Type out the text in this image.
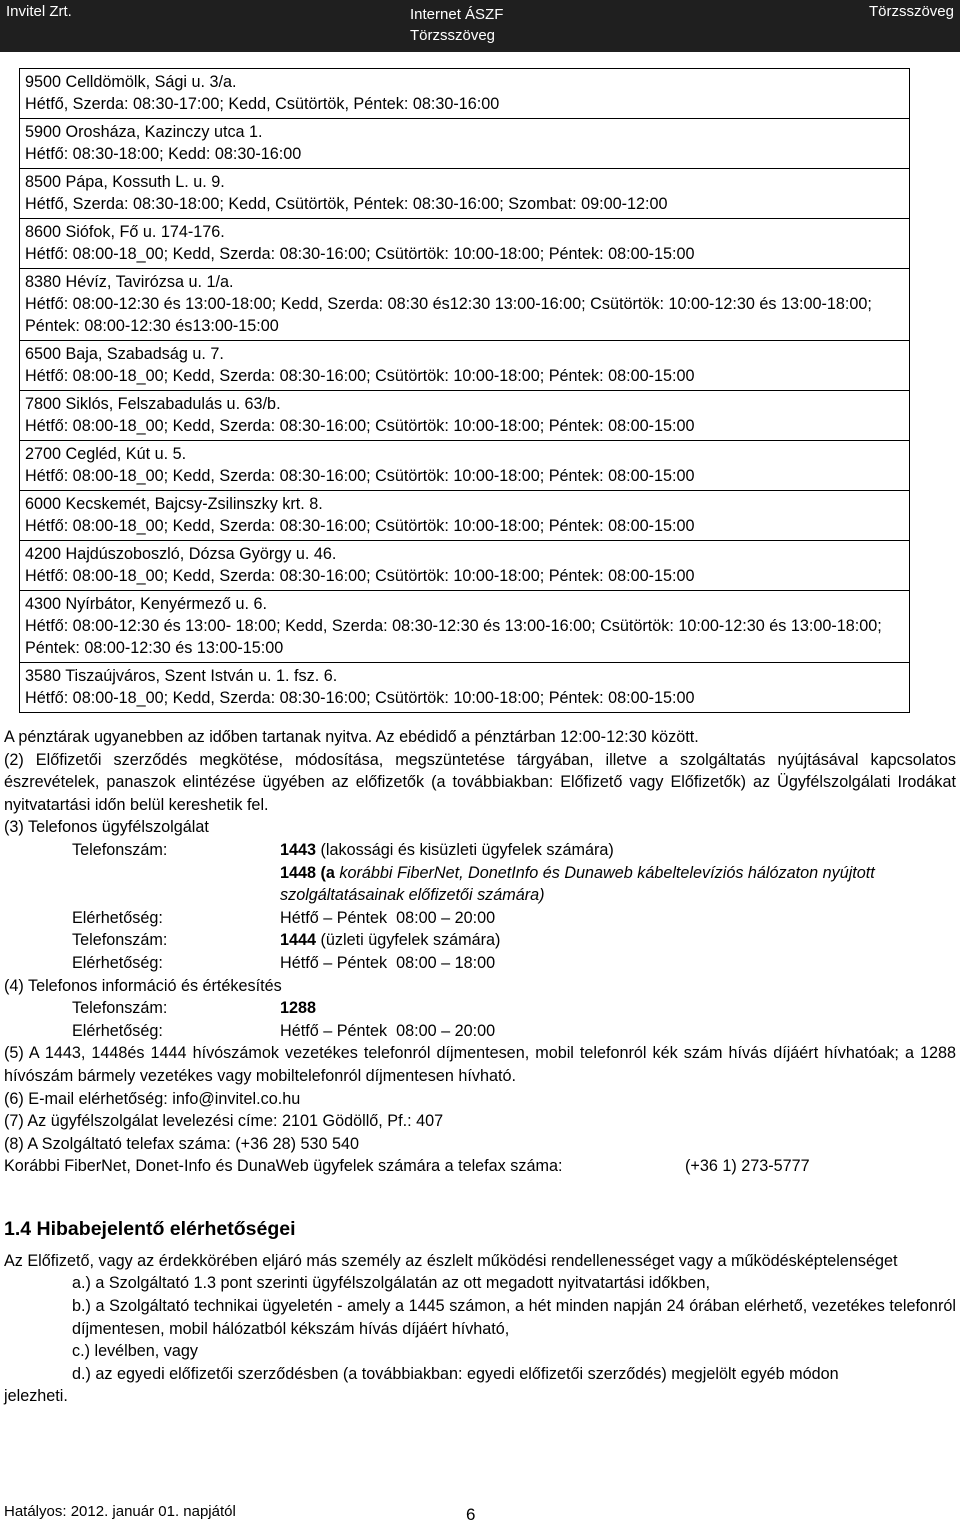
Invitel Zrt.	Internet ÁSZF
Törzsszöveg
Törzsszöveg
9500 Celldömölk, Sági u. 3/a.
Hétfő, Szerda: 08:30-17:00; Kedd, Csütörtök, Péntek: 08:30-16:00
5900 Orosháza, Kazinczy utca 1.
Hétfő: 08:30-18:00; Kedd: 08:30-16:00
8500 Pápa, Kossuth L. u. 9.
Hétfő, Szerda: 08:30-18:00; Kedd, Csütörtök, Péntek: 08:30-16:00; Szombat: 09:00-12:00
8600 Siófok, Fő u. 174-176.
Hétfő: 08:00-18_00; Kedd, Szerda: 08:30-16:00; Csütörtök: 10:00-18:00; Péntek: 08:00-15:00
8380 Hévíz, Tavirózsa u. 1/a.
Hétfő: 08:00-12:30 és 13:00-18:00; Kedd, Szerda: 08:30 és12:30 13:00-16:00; Csütörtök: 10:00-12:30 és 13:00-18:00; Péntek: 08:00-12:30 és13:00-15:00
6500 Baja, Szabadság u. 7.
Hétfő: 08:00-18_00; Kedd, Szerda: 08:30-16:00; Csütörtök: 10:00-18:00; Péntek: 08:00-15:00
7800 Siklós, Felszabadulás u. 63/b.
Hétfő: 08:00-18_00; Kedd, Szerda: 08:30-16:00; Csütörtök: 10:00-18:00; Péntek: 08:00-15:00
2700 Cegléd, Kút u. 5.
Hétfő: 08:00-18_00; Kedd, Szerda: 08:30-16:00; Csütörtök: 10:00-18:00; Péntek: 08:00-15:00
6000 Kecskemét, Bajcsy-Zsilinszky krt. 8.
Hétfő: 08:00-18_00; Kedd, Szerda: 08:30-16:00; Csütörtök: 10:00-18:00; Péntek: 08:00-15:00
4200 Hajdúszoboszló, Dózsa György u. 46.
Hétfő: 08:00-18_00; Kedd, Szerda: 08:30-16:00; Csütörtök: 10:00-18:00; Péntek: 08:00-15:00
4300 Nyírbátor, Kenyérmező u. 6.
Hétfő: 08:00-12:30 és 13:00- 18:00; Kedd, Szerda: 08:30-12:30 és 13:00-16:00; Csütörtök: 10:00-12:30 és 13:00-18:00; Péntek: 08:00-12:30 és 13:00-15:00
3580 Tiszaújváros, Szent István u. 1. fsz. 6.
Hétfő: 08:00-18_00; Kedd, Szerda: 08:30-16:00; Csütörtök: 10:00-18:00; Péntek: 08:00-15:00

A pénztárak ugyanebben az időben tartanak nyitva. Az ebédidő a pénztárban 12:00-12:30 között.

(2) Előfizetői szerződés megkötése, módosítása, megszüntetése tárgyában, illetve a szolgáltatás nyújtásával kapcsolatos észrevételek, panaszok elintézése ügyében az előfizetők (a továbbiakban: Előfizető vagy Előfizetők) az Ügyfélszolgálati Irodákat nyitvatartási időn belül kereshetik fel.

(3) Telefonos ügyfélszolgálat

Telefonszám:	1443 (lakossági és kisüzleti ügyfelek számára)
1448 (a korábbi FiberNet, DonetInfo és Dunaweb kábeltelevíziós hálózaton nyújtott szolgáltatásainak előfizetői számára)
Elérhetőség:	Hétfő – Péntek  08:00 – 20:00
Telefonszám:	1444 (üzleti ügyfelek számára)
Elérhetőség:	Hétfő – Péntek  08:00 – 18:00

(4) Telefonos információ és értékesítés

Telefonszám:	1288
Elérhetőség:	Hétfő – Péntek  08:00 – 20:00

(5) A 1443, 1448és 1444 hívószámok vezetékes telefonról díjmentesen, mobil telefonról kék szám hívás díjáért hívhatóak; a 1288 hívószám bármely vezetékes vagy mobiltelefonról díjmentesen hívható.

(6) E-mail elérhetőség: info@invitel.co.hu

(7) Az ügyfélszolgálat levelezési címe: 2101 Gödöllő, Pf.: 407

(8) A Szolgáltató telefax száma: (+36 28) 530 540

Korábbi FiberNet, Donet-Info és DunaWeb ügyfelek számára a telefax száma:	(+36 1) 273-5777
1.4 Hibabejelentő elérhetőségei

Az Előfizető, vagy az érdekkörében eljáró más személy az észlelt működési rendellenességet vagy a működésképtelenséget

a.) a Szolgáltató 1.3 pont szerinti ügyfélszolgálatán az ott megadott nyitvatartási időkben,
b.) a Szolgáltató technikai ügyeletén - amely a 1445 számon, a hét minden napján 24 órában elérhető, vezetékes telefonról díjmentesen, mobil hálózatból kékszám hívás díjáért hívható,
c.) levélben, vagy
d.) az egyedi előfizetői szerződésben (a továbbiakban: egyedi előfizetői szerződés) megjelölt egyéb módon

jelezheti.

Hatályos: 2012. január 01. napjától	6
